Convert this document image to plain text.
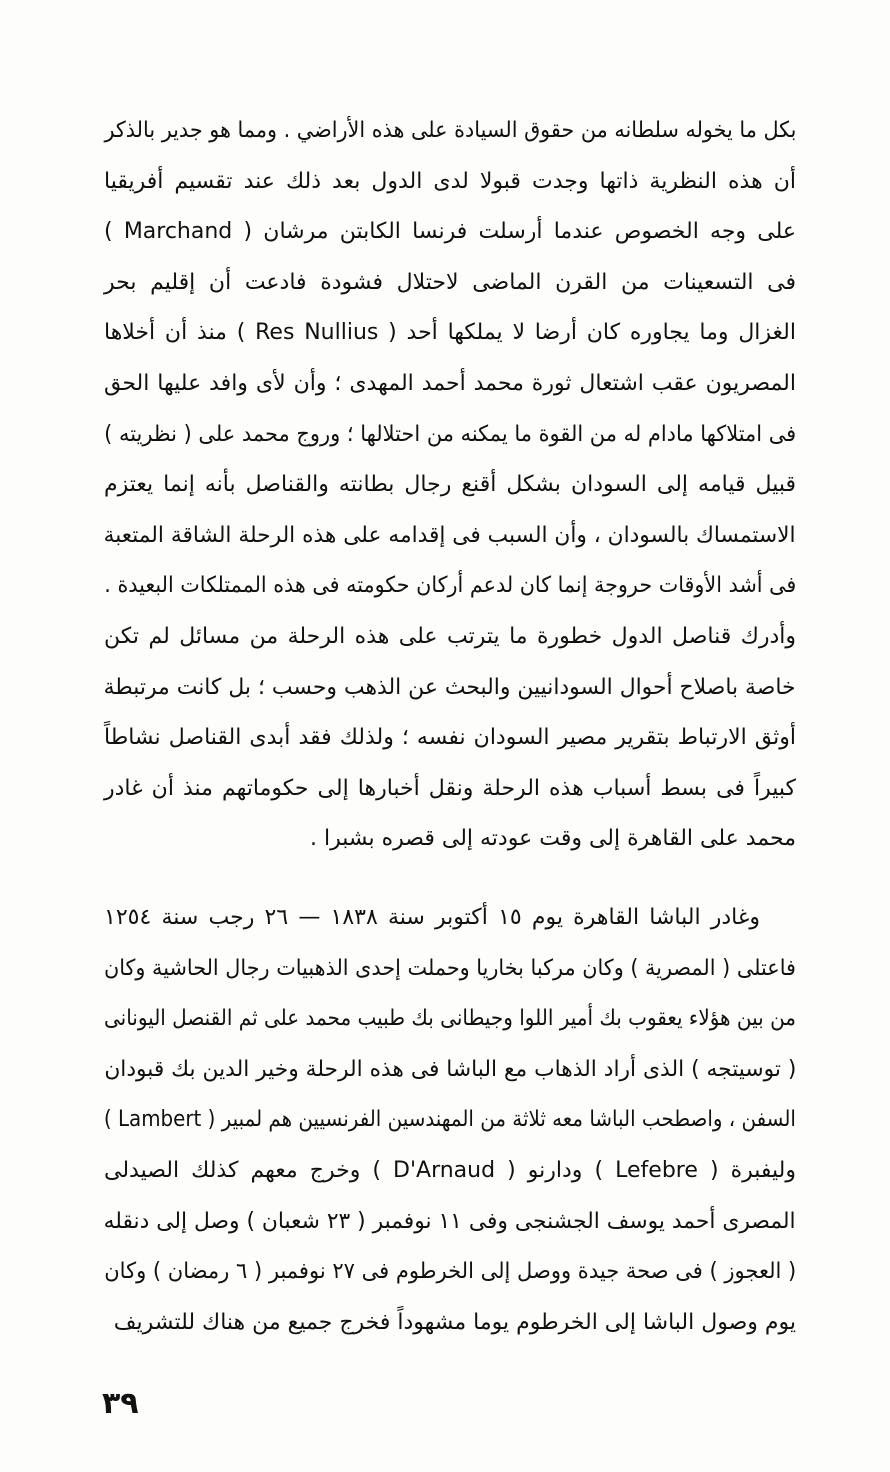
بكل ما يخوله سلطانه من حقوق السيادة على هذه الأراضي . ومما هو جدير بالذكر
أن هذه النظرية ذاتها وجدت قبولا لدى الدول بعد ذلك عند تقسيم أفريقيا
على وجه الخصوص عندما أرسلت فرنسا الكابتن مرشان ( Marchand )
فى التسعينات من القرن الماضى لاحتلال فشودة فادعت أن إقليم بحر
الغزال وما يجاوره كان أرضا لا يملكها أحد ( Res Nullius ) منذ أن أخلاها
المصريون عقب اشتعال ثورة محمد أحمد المهدى ؛ وأن لأى وافد عليها الحق
فى امتلاكها مادام له من القوة ما يمكنه من احتلالها ؛ وروج محمد على ( نظريته )
قبيل قيامه إلى السودان بشكل أقنع رجال بطانته والقناصل بأنه إنما يعتزم
الاستمساك بالسودان ، وأن السبب فى إقدامه على هذه الرحلة الشاقة المتعبة
فى أشد الأوقات حروجة إنما كان لدعم أركان حكومته فى هذه الممتلكات البعيدة .
وأدرك قناصل الدول خطورة ما يترتب على هذه الرحلة من مسائل لم تكن
خاصة باصلاح أحوال السودانيين والبحث عن الذهب وحسب ؛ بل كانت مرتبطة
أوثق الارتباط بتقرير مصير السودان نفسه ؛ ولذلك فقد أبدى القناصل نشاطاً
كبيراً فى بسط أسباب هذه الرحلة ونقل أخبارها إلى حكوماتهم منذ أن غادر
محمد على القاهرة إلى وقت عودته إلى قصره بشبرا .
وغادر الباشا القاهرة يوم ١٥ أكتوبر سنة ١٨٣٨ — ٢٦ رجب سنة ١٢٥٤
فاعتلى ( المصرية ) وكان مركبا بخاريا وحملت إحدى الذهبيات رجال الحاشية وكان
من بين هؤلاء يعقوب بك أمير اللوا وجيطانى بك طبيب محمد على ثم القنصل اليونانى
( توسيتجه ) الذى أراد الذهاب مع الباشا فى هذه الرحلة وخير الدين بك قبودان
السفن ، واصطحب الباشا معه ثلاثة من المهندسين الفرنسيين هم لمبير ( Lambert )
وليفبرة ( Lefebre ) ودارنو ( D'Arnaud ) وخرج معهم كذلك الصيدلى
المصرى أحمد يوسف الجشنجى وفى ١١ نوفمبر ( ٢٣ شعبان ) وصل إلى دنقله
( العجوز ) فى صحة جيدة ووصل إلى الخرطوم فى ٢٧ نوفمبر ( ٦ رمضان ) وكان
يوم وصول الباشا إلى الخرطوم يوما مشهوداً فخرج جميع من هناك للتشريف
٣٩
